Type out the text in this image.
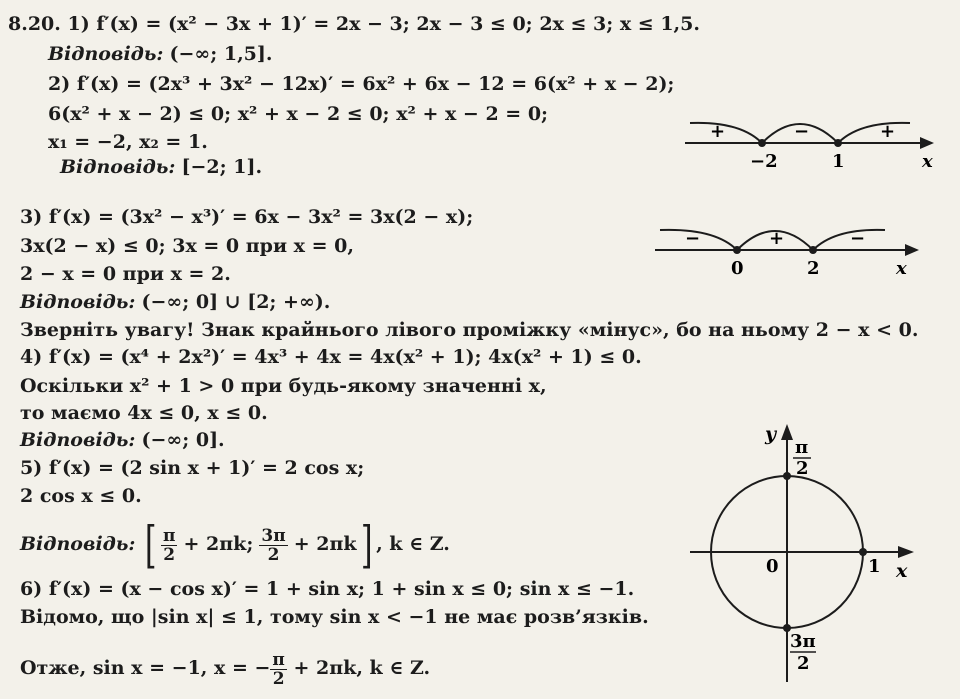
8.20. 1) f′(x) = (x² − 3x + 1)′ = 2x − 3; 2x − 3 ≤ 0; 2x ≤ 3; x ≤ 1,5.
Відповідь: (−∞; 1,5].
2) f′(x) = (2x³ + 3x² − 12x)′ = 6x² + 6x − 12 = 6(x² + x − 2);
6(x² + x − 2) ≤ 0; x² + x − 2 ≤ 0; x² + x − 2 = 0;
x₁ = −2, x₂ = 1.
Відповідь: [−2; 1].
+	−	+
−2	1	x
3) f′(x) = (3x² − x³)′ = 6x − 3x² = 3x(2 − x);
3x(2 − x) ≤ 0; 3x = 0 при x = 0,
2 − x = 0 при x = 2.
Відповідь: (−∞; 0] ∪ [2; +∞).
−	+	−
0	2	x
Зверніть увагу! Знак крайнього лівого проміжку «мінус», бо на ньому 2 − x < 0.
4) f′(x) = (x⁴ + 2x²)′ = 4x³ + 4x = 4x(x² + 1); 4x(x² + 1) ≤ 0.
Оскільки x² + 1 > 0 при будь-якому значенні x,
то маємо 4x ≤ 0, x ≤ 0.
Відповідь: (−∞; 0].
5) f′(x) = (2 sin x + 1)′ = 2 cos x;
2 cos x ≤ 0.
Відповідь: [ $\frac{\pi}{2} + 2\pi k$; $\frac{3\pi}{2} + 2\pi k$] , k ∈ Z.
6) f′(x) = (x − cos x)′ = 1 + sin x; 1 + sin x ≤ 0; sin x ≤ −1.
Відомо, що |sin x| ≤ 1, тому sin x < −1 не має розв’язків.
Отже, sin x = −1, x = − $\frac{\pi}{2} + 2\pi k$, k ∈ Z.
y
x
0	1
π
2
3π
2
